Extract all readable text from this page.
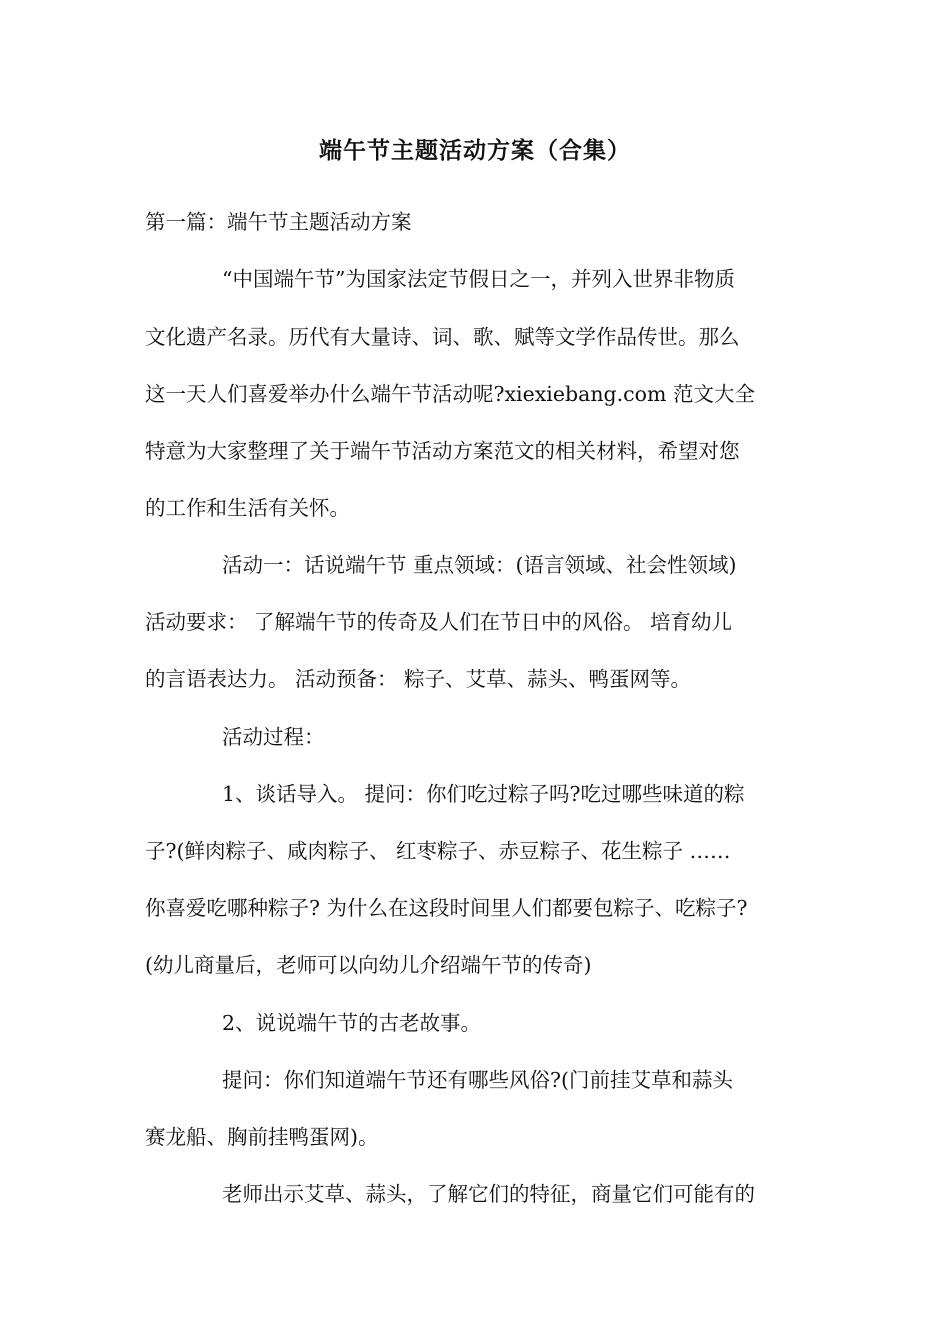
端午节主题活动方案（合集）
第一篇：端午节主题活动方案
“中国端午节”为国家法定节假日之一，并列入世界非物质
文化遗产名录。历代有大量诗、词、歌、赋等文学作品传世。那么
这一天人们喜爱举办什么端午节活动呢?xiexiebang.com 范文大全
特意为大家整理了关于端午节活动方案范文的相关材料，希望对您
的工作和生活有关怀。
活动一：话说端午节 重点领域：(语言领域、社会性领域)
活动要求： 了解端午节的传奇及人们在节日中的风俗。 培育幼儿
的言语表达力。 活动预备： 粽子、艾草、蒜头、鸭蛋网等。
活动过程：
1、谈话导入。 提问：你们吃过粽子吗?吃过哪些味道的粽
子?(鲜肉粽子、咸肉粽子、 红枣粽子、赤豆粽子、花生粽子 ……
你喜爱吃哪种粽子? 为什么在这段时间里人们都要包粽子、吃粽子?
(幼儿商量后，老师可以向幼儿介绍端午节的传奇)
2、说说端午节的古老故事。
提问：你们知道端午节还有哪些风俗?(门前挂艾草和蒜头
赛龙船、胸前挂鸭蛋网)。
老师出示艾草、蒜头，了解它们的特征，商量它们可能有的
